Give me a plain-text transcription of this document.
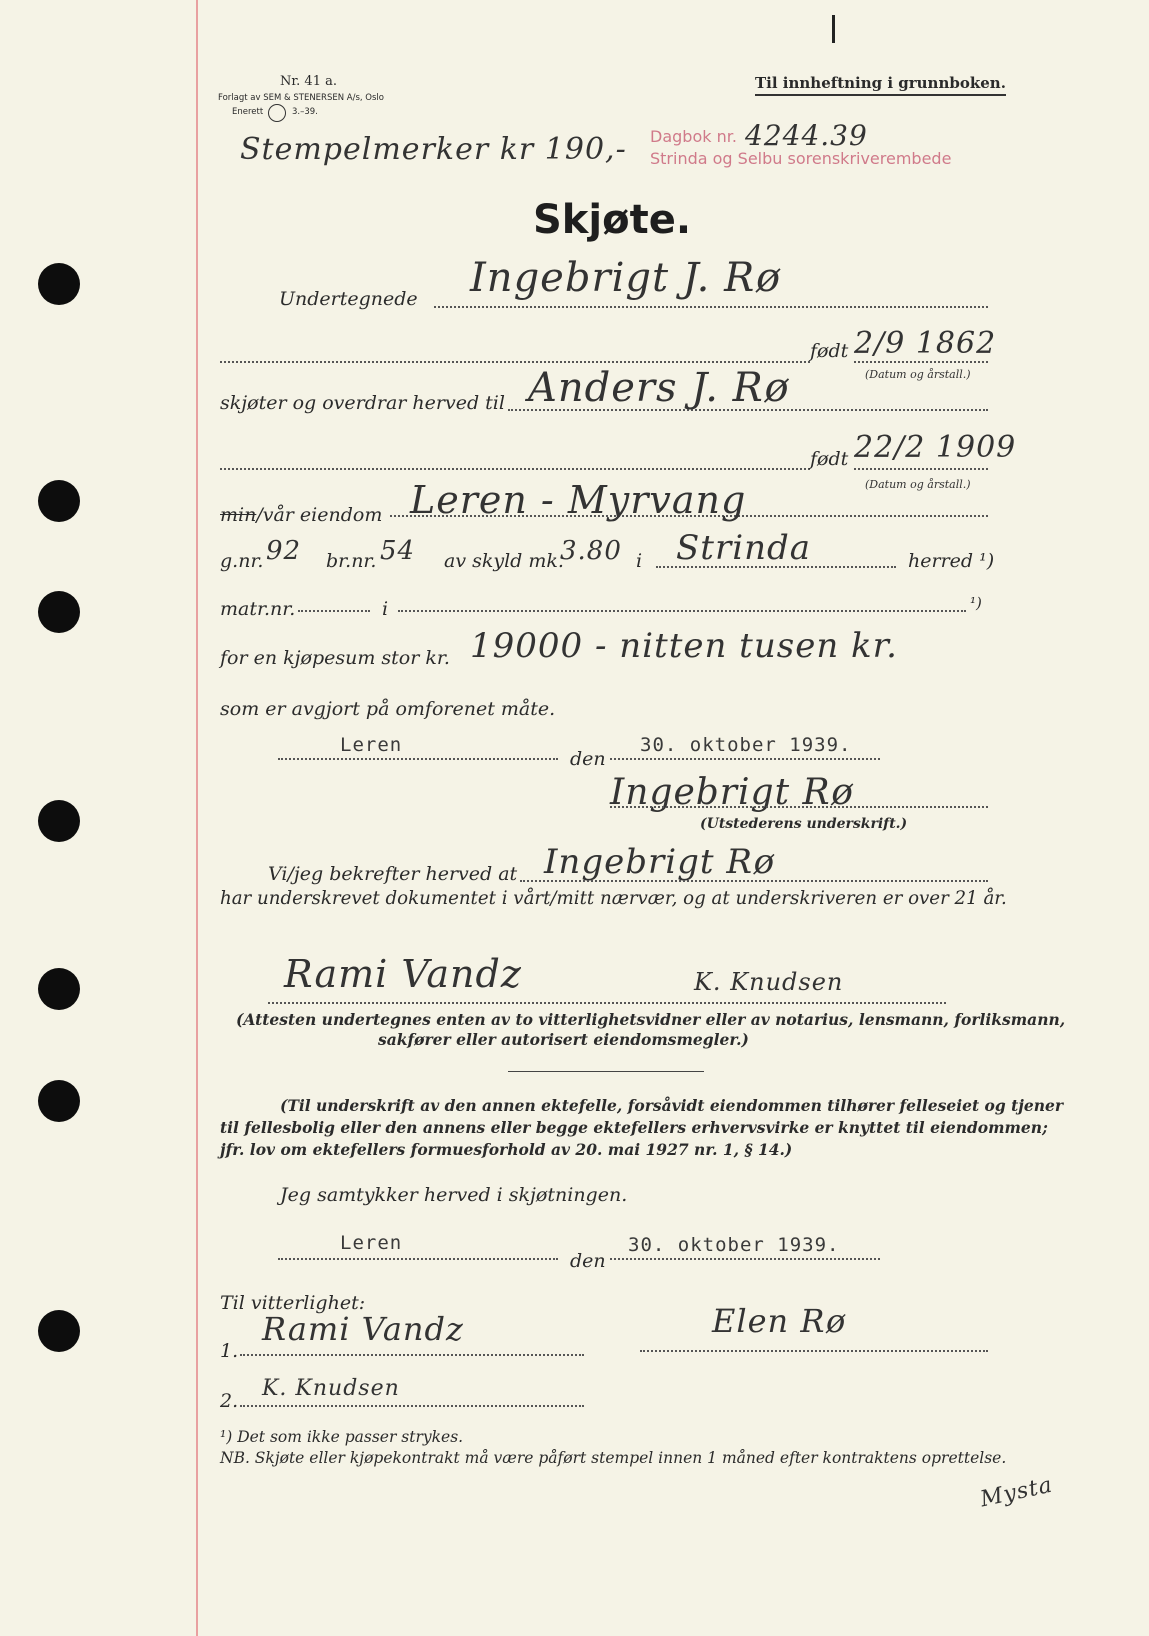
Nr. 41 a.
Forlagt av SEM & STENERSEN A/s, Oslo
Enerett	3.–39.
Til innheftning i grunnboken.
Stempelmerker kr 190,- Dagbok nr. 4244.39
Strinda og Selbu sorenskriverembede
Skjøte.
Undertegnede Ingebrigt J. Rø
født 2/9 1862
(Datum og årstall.)
skjøter og overdrar herved til Anders J. Rø
født 22/2 1909
(Datum og årstall.)
min/vår eiendom Leren - Myrvang
g.nr. 92 br.nr. 54 av skyld mk.
3.80 i Strinda	herred ¹)
matr.nr.	i	¹)
for en kjøpesum stor kr. 19000 - nitten tusen kr.
som er avgjort på omforenet måte.
Leren
den
30. oktober 1939.
Ingebrigt Rø
(Utstederens underskrift.)
Vi/jeg bekrefter herved at Ingebrigt Rø
har underskrevet dokumentet i vårt/mitt nærvær, og at underskriveren er over 21 år.
Rami Vandz	K. Knudsen
(Attesten undertegnes enten av to vitterlighetsvidner eller av notarius, lensmann, forliksmann,
sakfører eller autorisert eiendomsmegler.)
(Til underskrift av den annen ektefelle, forsåvidt eiendommen tilhører felleseiet og tjener
til fellesbolig eller den annens eller begge ektefellers erhvervsvirke er knyttet til eiendommen;
jfr. lov om ektefellers formuesforhold av 20. mai 1927 nr. 1, § 14.)
Jeg samtykker herved i skjøtningen.
Leren
den
30. oktober 1939.
Til vitterlighet:	Elen Rø
1.
Rami Vandz
2. K. Knudsen
¹) Det som ikke passer strykes.
NB. Skjøte eller kjøpekontrakt må være påført stempel innen 1 måned efter kontraktens oprettelse.
Mysta
